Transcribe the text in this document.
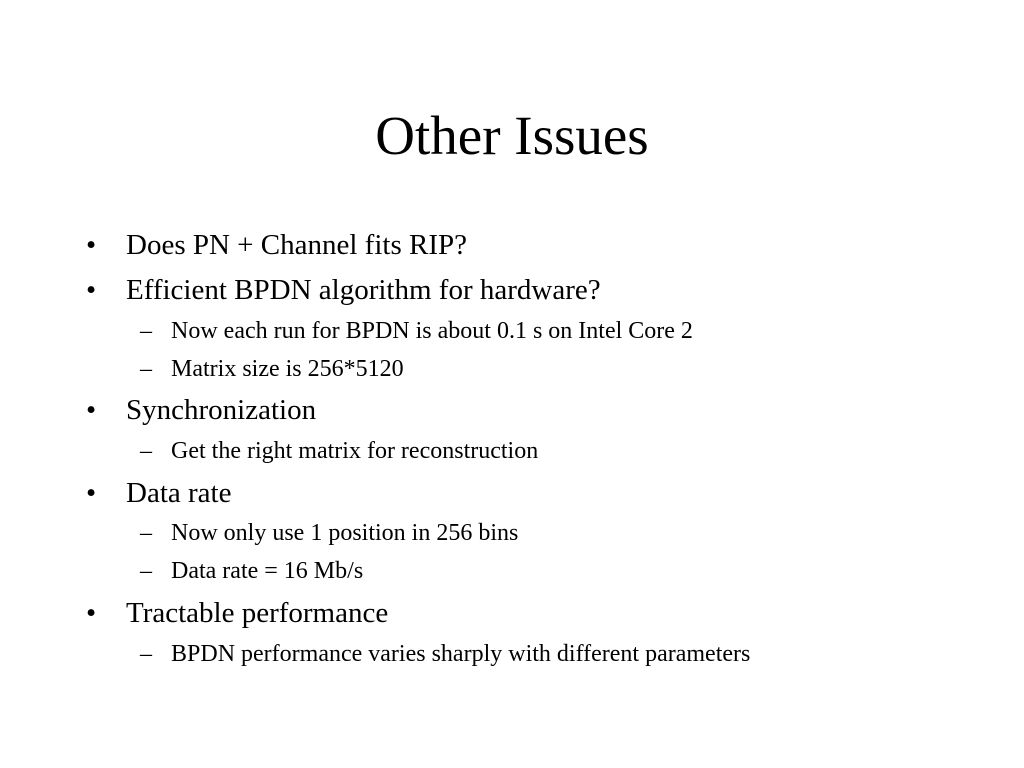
Other Issues
• Does PN + Channel fits RIP?
• Efficient BPDN algorithm for hardware?
– Now each run for BPDN is about 0.1 s on Intel Core 2
– Matrix size is 256*5120
• Synchronization
– Get the right matrix for reconstruction
• Data rate
– Now only use 1 position in 256 bins
– Data rate = 16 Mb/s
• Tractable performance
– BPDN performance varies sharply with different parameters
